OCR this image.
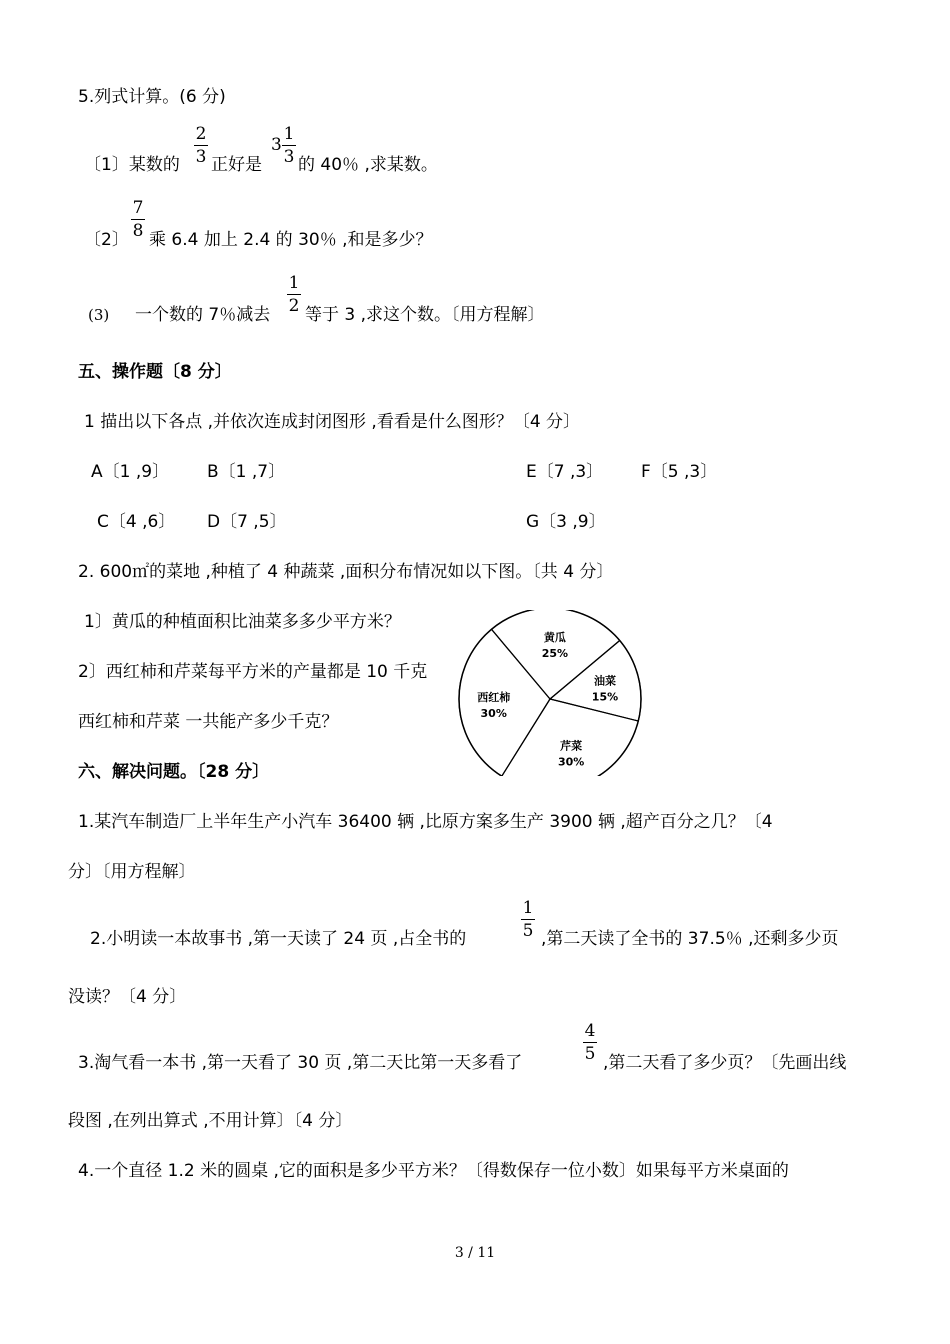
5.列式计算。(6 分)
〔1〕某数的
2
3 正好是
3
1
3 的 40％ ,求某数。
〔2〕
7
8 乘 6.4 加上 2.4 的 30％ ,和是多少？
(3) 一个数的 7％减去
1
2 等于 3 ,求这个数。〔用方程解〕
五、操作题〔8 分〕
1 描出以下各点 ,并依次连成封闭图形 ,看看是什么图形？〔4 分〕
A〔1 ,9〕 B〔1 ,7〕	E〔7 ,3〕 F〔5 ,3〕
C〔4 ,6〕 D〔7 ,5〕	G〔3 ,9〕
2. 600㎡的菜地 ,种植了 4 种蔬菜 ,面积分布情况如以下图。〔共 4 分〕
1〕黄瓜的种植面积比油菜多多少平方米？
2〕西红柿和芹菜每平方米的产量都是 10 千克
西红柿和芹菜 一共能产多少千克？
黄瓜
25%
油菜
15%
芹菜
30%
西红柿
30%
六、解决问题。〔28 分〕
1.某汽车制造厂上半年生产小汽车 36400 辆 ,比原方案多生产 3900 辆 ,超产百分之几？〔4
分〕〔用方程解〕
2.小明读一本故事书 ,第一天读了 24 页 ,占全书的
1
5 ,第二天读了全书的 37.5％ ,还剩多少页
没读？〔4 分〕
3.淘气看一本书 ,第一天看了 30 页 ,第二天比第一天多看了
4
5 ,第二天看了多少页？〔先画出线
段图 ,在列出算式 ,不用计算〕〔4 分〕
4.一个直径 1.2 米的圆桌 ,它的面积是多少平方米？〔得数保存一位小数〕如果每平方米桌面的
3 / 11
